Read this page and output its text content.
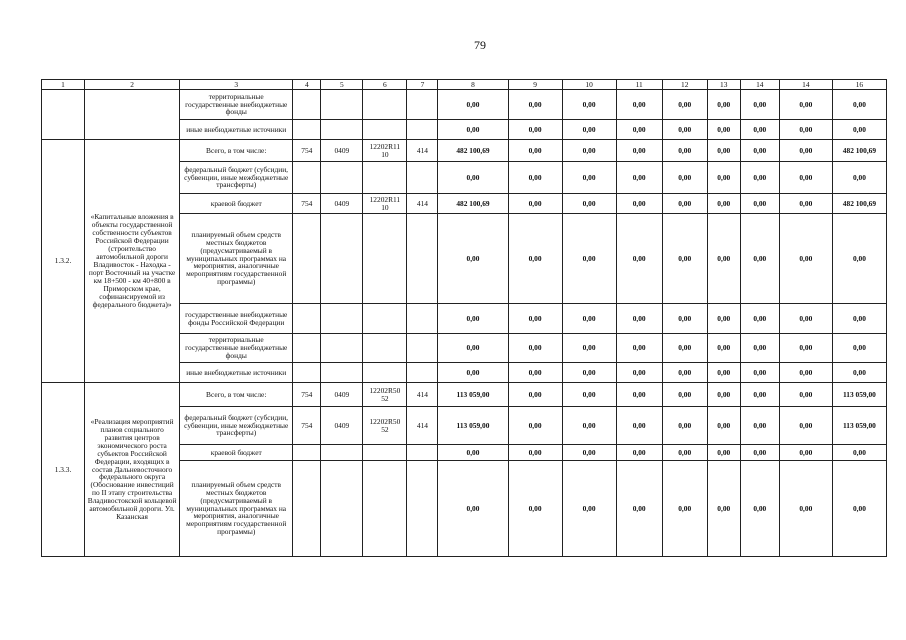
79
1	2	3	4	5	6	7	8	9	10	11	12	13	14	14	16
		территориальные государственные внебюджетные фонды					0,00	0,00	0,00	0,00	0,00	0,00	0,00	0,00	0,00
		иные внебюджетные источники					0,00	0,00	0,00	0,00	0,00	0,00	0,00	0,00	0,00
1.3.2.	«Капитальные вложения в объекты государственной собственности субъектов Российской Федерации (строительство автомобильной дороги Владивосток - Находка - порт Восточный на участке км 18+500 - км 40+800 в Приморском крае, софинансируемой из федерального бюджета)»	Всего, в том числе:	754	0409	12202R11 10	414	482 100,69	0,00	0,00	0,00	0,00	0,00	0,00	0,00	482 100,69
		федеральный бюджет (субсидии, субвенции, иные межбюджетные трансферты)					0,00	0,00	0,00	0,00	0,00	0,00	0,00	0,00	0,00
		краевой бюджет	754	0409	12202R11 10	414	482 100,69	0,00	0,00	0,00	0,00	0,00	0,00	0,00	482 100,69
		планируемый объем средств местных бюджетов (предусматриваемый в муниципальных программах на мероприятия, аналогичные мероприятиям государственной программы)					0,00	0,00	0,00	0,00	0,00	0,00	0,00	0,00	0,00
		государственные внебюджетные фонды Российской Федерации					0,00	0,00	0,00	0,00	0,00	0,00	0,00	0,00	0,00
		территориальные государственные внебюджетные фонды					0,00	0,00	0,00	0,00	0,00	0,00	0,00	0,00	0,00
		иные внебюджетные источники					0,00	0,00	0,00	0,00	0,00	0,00	0,00	0,00	0,00
1.3.3.	«Реализация мероприятий планов социального развития центров экономического роста субъектов Российской Федерации, входящих в состав Дальневосточного федерального округа (Обоснование инвестиций по II этапу строительства Владивостокской кольцевой автомобильной дороги. Ул. Казанская	Всего, в том числе:	754	0409	12202R50 52	414	113 059,00	0,00	0,00	0,00	0,00	0,00	0,00	0,00	113 059,00
		федеральный бюджет (субсидии, субвенции, иные межбюджетные трансферты)	754	0409	12202R50 52	414	113 059,00	0,00	0,00	0,00	0,00	0,00	0,00	0,00	113 059,00
		краевой бюджет					0,00	0,00	0,00	0,00	0,00	0,00	0,00	0,00	0,00
		планируемый объем средств местных бюджетов (предусматриваемый в муниципальных программах на мероприятия, аналогичные мероприятиям государственной программы)					0,00	0,00	0,00	0,00	0,00	0,00	0,00	0,00	0,00
